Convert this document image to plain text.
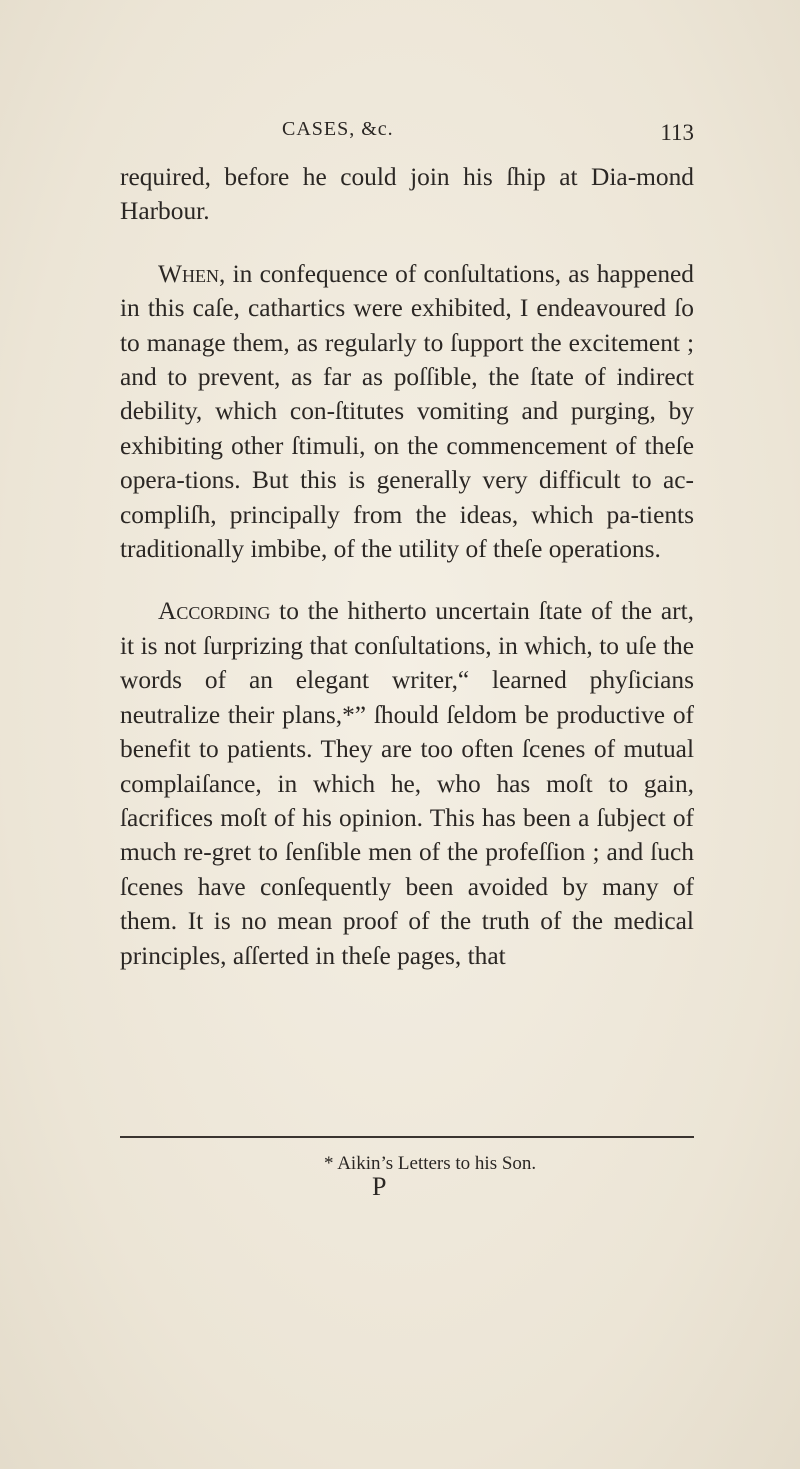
CASES, &c.	113

required, before he could join his ſhip at Dia-mond Harbour.

When, in confequence of conſultations, as happened in this caſe, cathartics were exhibited, I endeavoured ſo to manage them, as regularly to ſupport the excitement ; and to prevent, as far as poſſible, the ſtate of indirect debility, which con-ſtitutes vomiting and purging, by exhibiting other ſtimuli, on the commencement of theſe opera-tions. But this is generally very difficult to ac-compliſh, principally from the ideas, which pa-tients traditionally imbibe, of the utility of theſe operations.

According to the hitherto uncertain ſtate of the art, it is not ſurprizing that conſultations, in which, to uſe the words of an elegant writer,“ learned phyſicians neutralize their plans,*” ſhould ſeldom be productive of benefit to patients. They are too often ſcenes of mutual complaiſance, in which he, who has moſt to gain, ſacrifices moſt of his opinion. This has been a ſubject of much re-gret to ſenſible men of the profeſſion ; and ſuch ſcenes have conſequently been avoided by many of them. It is no mean proof of the truth of the medical principles, aſſerted in theſe pages, that

* Aikin’s Letters to his Son.
P
